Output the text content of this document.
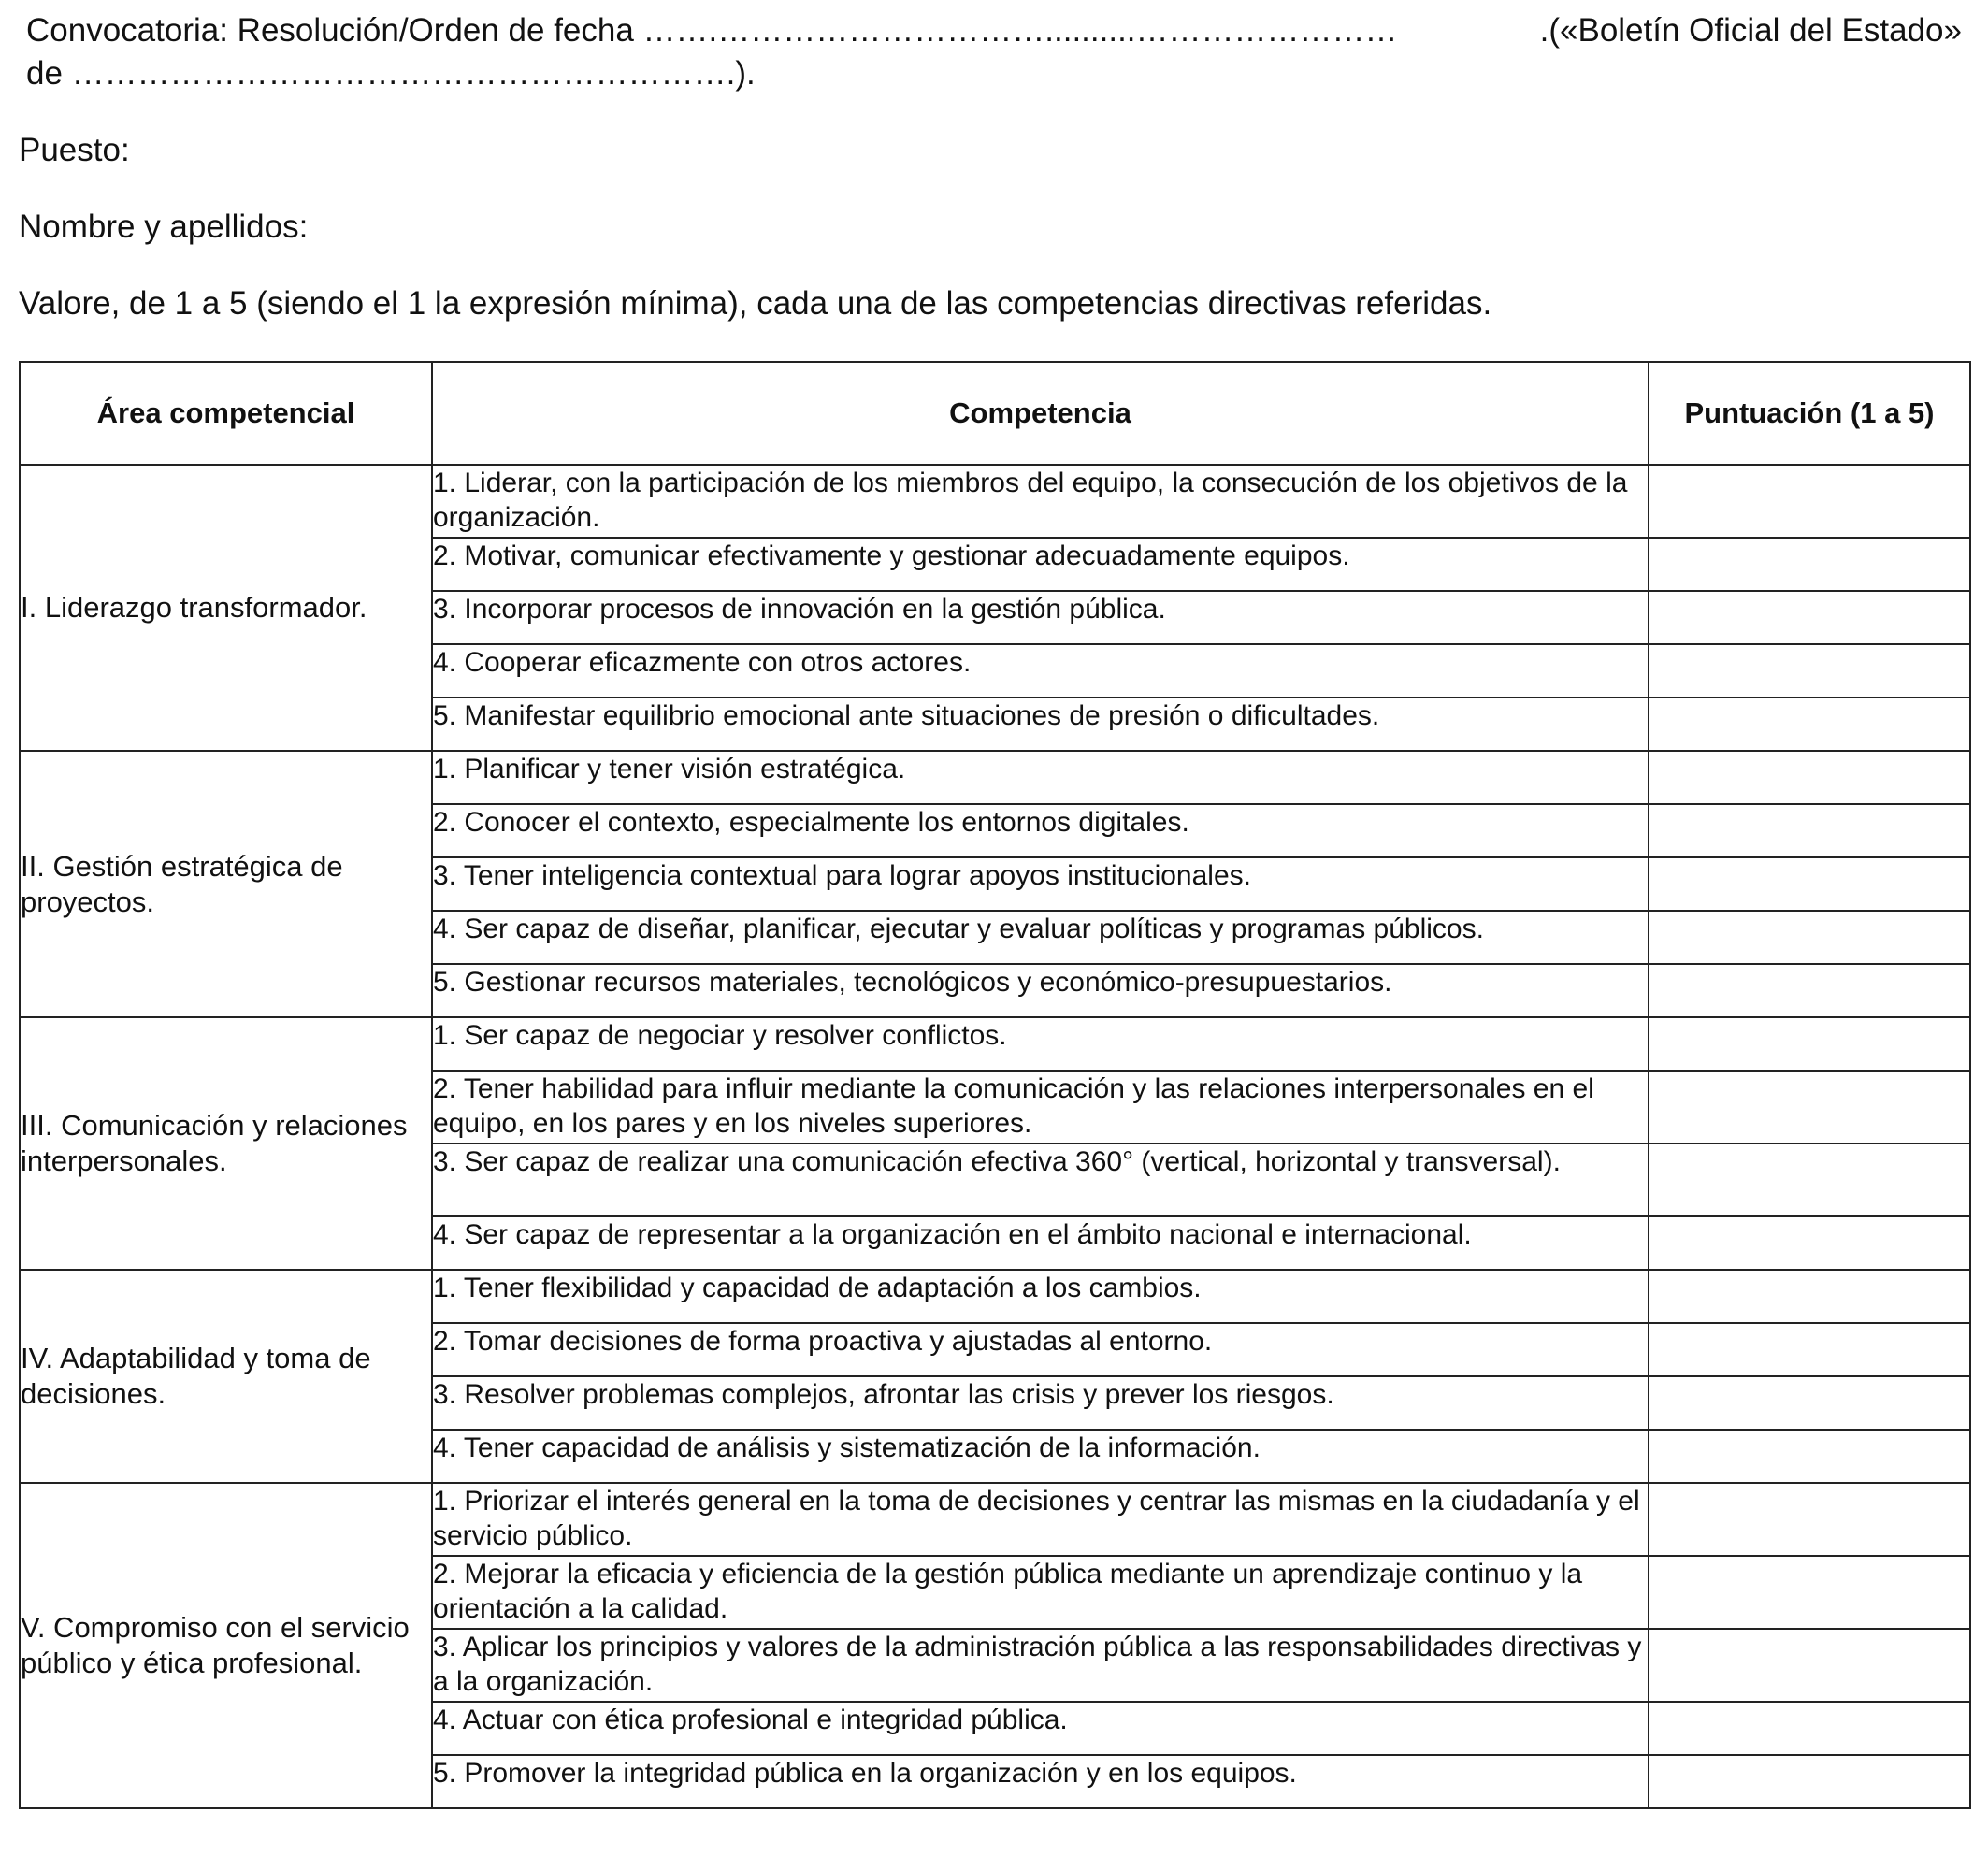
Convocatoria: Resolución/Orden de fecha …….…………………………..........……………………	.(«Boletín Oficial del Estado»
de …………………………………………………….).
Puesto:
Nombre y apellidos:
Valore, de 1 a 5 (siendo el 1 la expresión mínima), cada una de las competencias directivas referidas.
Área competencial	Competencia	Puntuación (1 a 5)
I. Liderazgo transformador.	1. Liderar, con la participación de los miembros del equipo, la consecución de los objetivos de la organización.	
	2. Motivar, comunicar efectivamente y gestionar adecuadamente equipos.	
	3. Incorporar procesos de innovación en la gestión pública.	
	4. Cooperar eficazmente con otros actores.	
	5. Manifestar equilibrio emocional ante situaciones de presión o dificultades.	
II. Gestión estratégica de proyectos.	1. Planificar y tener visión estratégica.	
	2. Conocer el contexto, especialmente los entornos digitales.	
	3. Tener inteligencia contextual para lograr apoyos institucionales.	
	4. Ser capaz de diseñar, planificar, ejecutar y evaluar políticas y programas públicos.	
	5. Gestionar recursos materiales, tecnológicos y económico-presupuestarios.	
III. Comunicación y relaciones interpersonales.	1. Ser capaz de negociar y resolver conflictos.	
	2. Tener habilidad para influir mediante la comunicación y las relaciones interpersonales en el equipo, en los pares y en los niveles superiores.	
	3. Ser capaz de realizar una comunicación efectiva 360° (vertical, horizontal y transversal).	
	4. Ser capaz de representar a la organización en el ámbito nacional e internacional.	
IV. Adaptabilidad y toma de decisiones.	1. Tener flexibilidad y capacidad de adaptación a los cambios.	
	2. Tomar decisiones de forma proactiva y ajustadas al entorno.	
	3. Resolver problemas complejos, afrontar las crisis y prever los riesgos.	
	4. Tener capacidad de análisis y sistematización de la información.	
V. Compromiso con el servicio público y ética profesional.	1. Priorizar el interés general en la toma de decisiones y centrar las mismas en la ciudadanía y el servicio público.	
	2. Mejorar la eficacia y eficiencia de la gestión pública mediante un aprendizaje continuo y la orientación a la calidad.	
	3. Aplicar los principios y valores de la administración pública a las responsabilidades directivas y a la organización.	
	4. Actuar con ética profesional e integridad pública.	
	5. Promover la integridad pública en la organización y en los equipos.	
